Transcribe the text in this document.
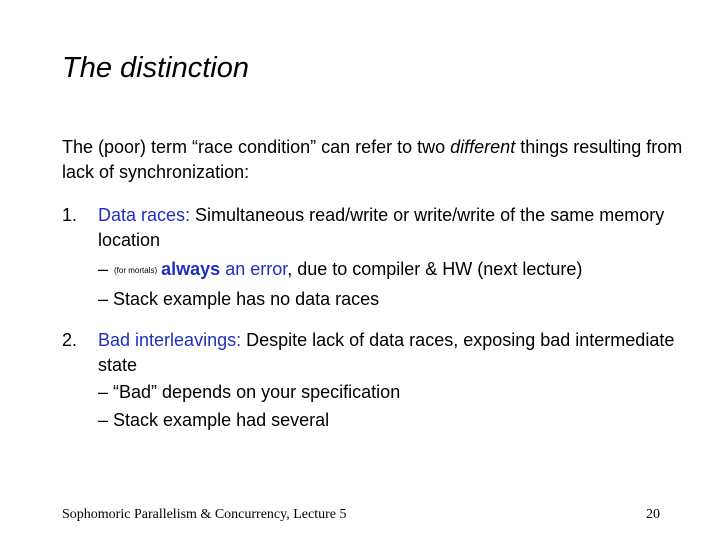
The distinction
The (poor) term “race condition” can refer to two different things resulting from lack of synchronization:
1. Data races: Simultaneous read/write or write/write of the same memory location
– (for mortals) always an error, due to compiler & HW (next lecture)
– Stack example has no data races
2. Bad interleavings: Despite lack of data races, exposing bad intermediate state
– “Bad” depends on your specification
– Stack example had several
Sophomoric Parallelism & Concurrency, Lecture 5	20
